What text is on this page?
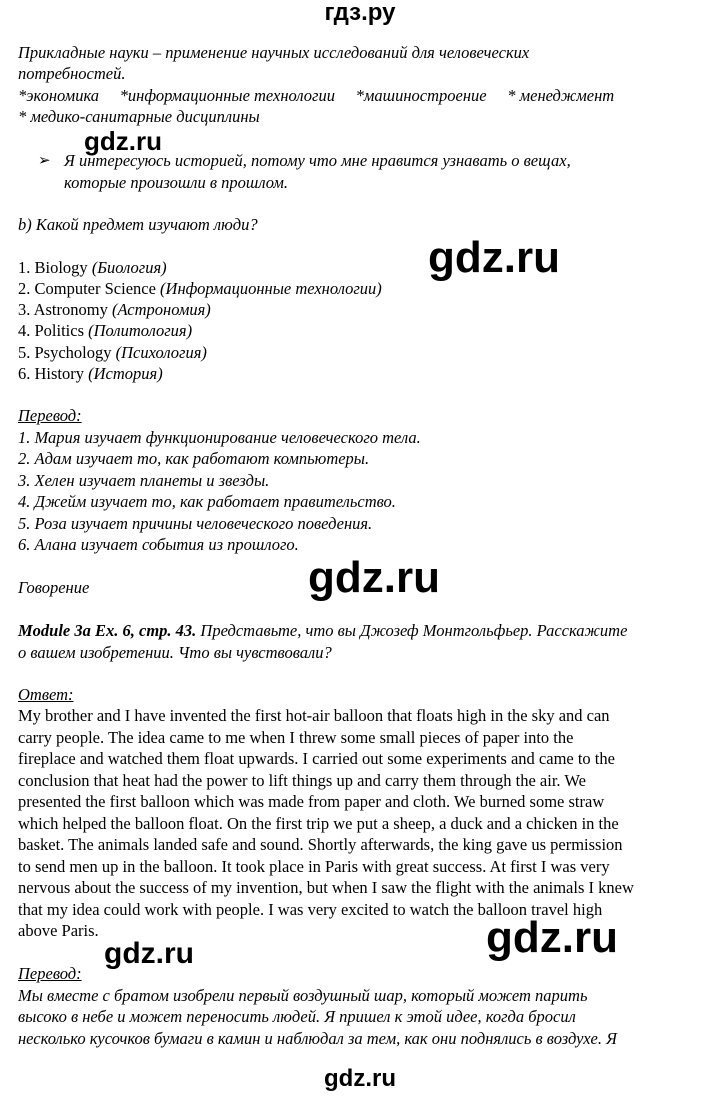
гдз.ру
Прикладные науки – применение научных исследований для человеческих
потребностей.
*экономика     *информационные технологии     *машиностроение     * менеджмент
* медико-санитарные дисциплины
gdz.ru
➢ Я интересуюсь историей, потому что мне нравится узнавать о вещах,
которые произошли в прошлом.
b) Какой предмет изучают люди?
gdz.ru
1. Biology (Биология)
2. Computer Science (Информационные технологии)
3. Astronomy (Астрономия)
4. Politics (Политология)
5. Psychology (Психология)
6. History (История)
Перевод:
1. Мария изучает функционирование человеческого тела.
2. Адам изучает то, как работают компьютеры.
3. Хелен изучает планеты и звезды.
4. Джейм изучает то, как работает правительство.
5. Роза изучает причины человеческого поведения.
6. Алана изучает события из прошлого.
Говорение	gdz.ru
Module 3a Ex. 6, стр. 43. Представьте, что вы Джозеф Монтгольфьер. Расскажите
о вашем изобретении. Что вы чувствовали?
Ответ:
My brother and I have invented the first hot-air balloon that floats high in the sky and can
carry people. The idea came to me when I threw some small pieces of paper into the
fireplace and watched them float upwards. I carried out some experiments and came to the
conclusion that heat had the power to lift things up and carry them through the air. We
presented the first balloon which was made from paper and cloth. We burned some straw
which helped the balloon float. On the first trip we put a sheep, a duck and a chicken in the
basket. The animals landed safe and sound. Shortly afterwards, the king gave us permission
to send men up in the balloon. It took place in Paris with great success. At first I was very
nervous about the success of my invention, but when I saw the flight with the animals I knew
that my idea could work with people. I was very excited to watch the balloon travel high
above Paris.
gdz.ru	gdz.ru
Перевод:
Мы вместе с братом изобрели первый воздушный шар, который может парить
высоко в небе и может переносить людей. Я пришел к этой идее, когда бросил
несколько кусочков бумаги в камин и наблюдал за тем, как они поднялись в воздухе. Я
gdz.ru
